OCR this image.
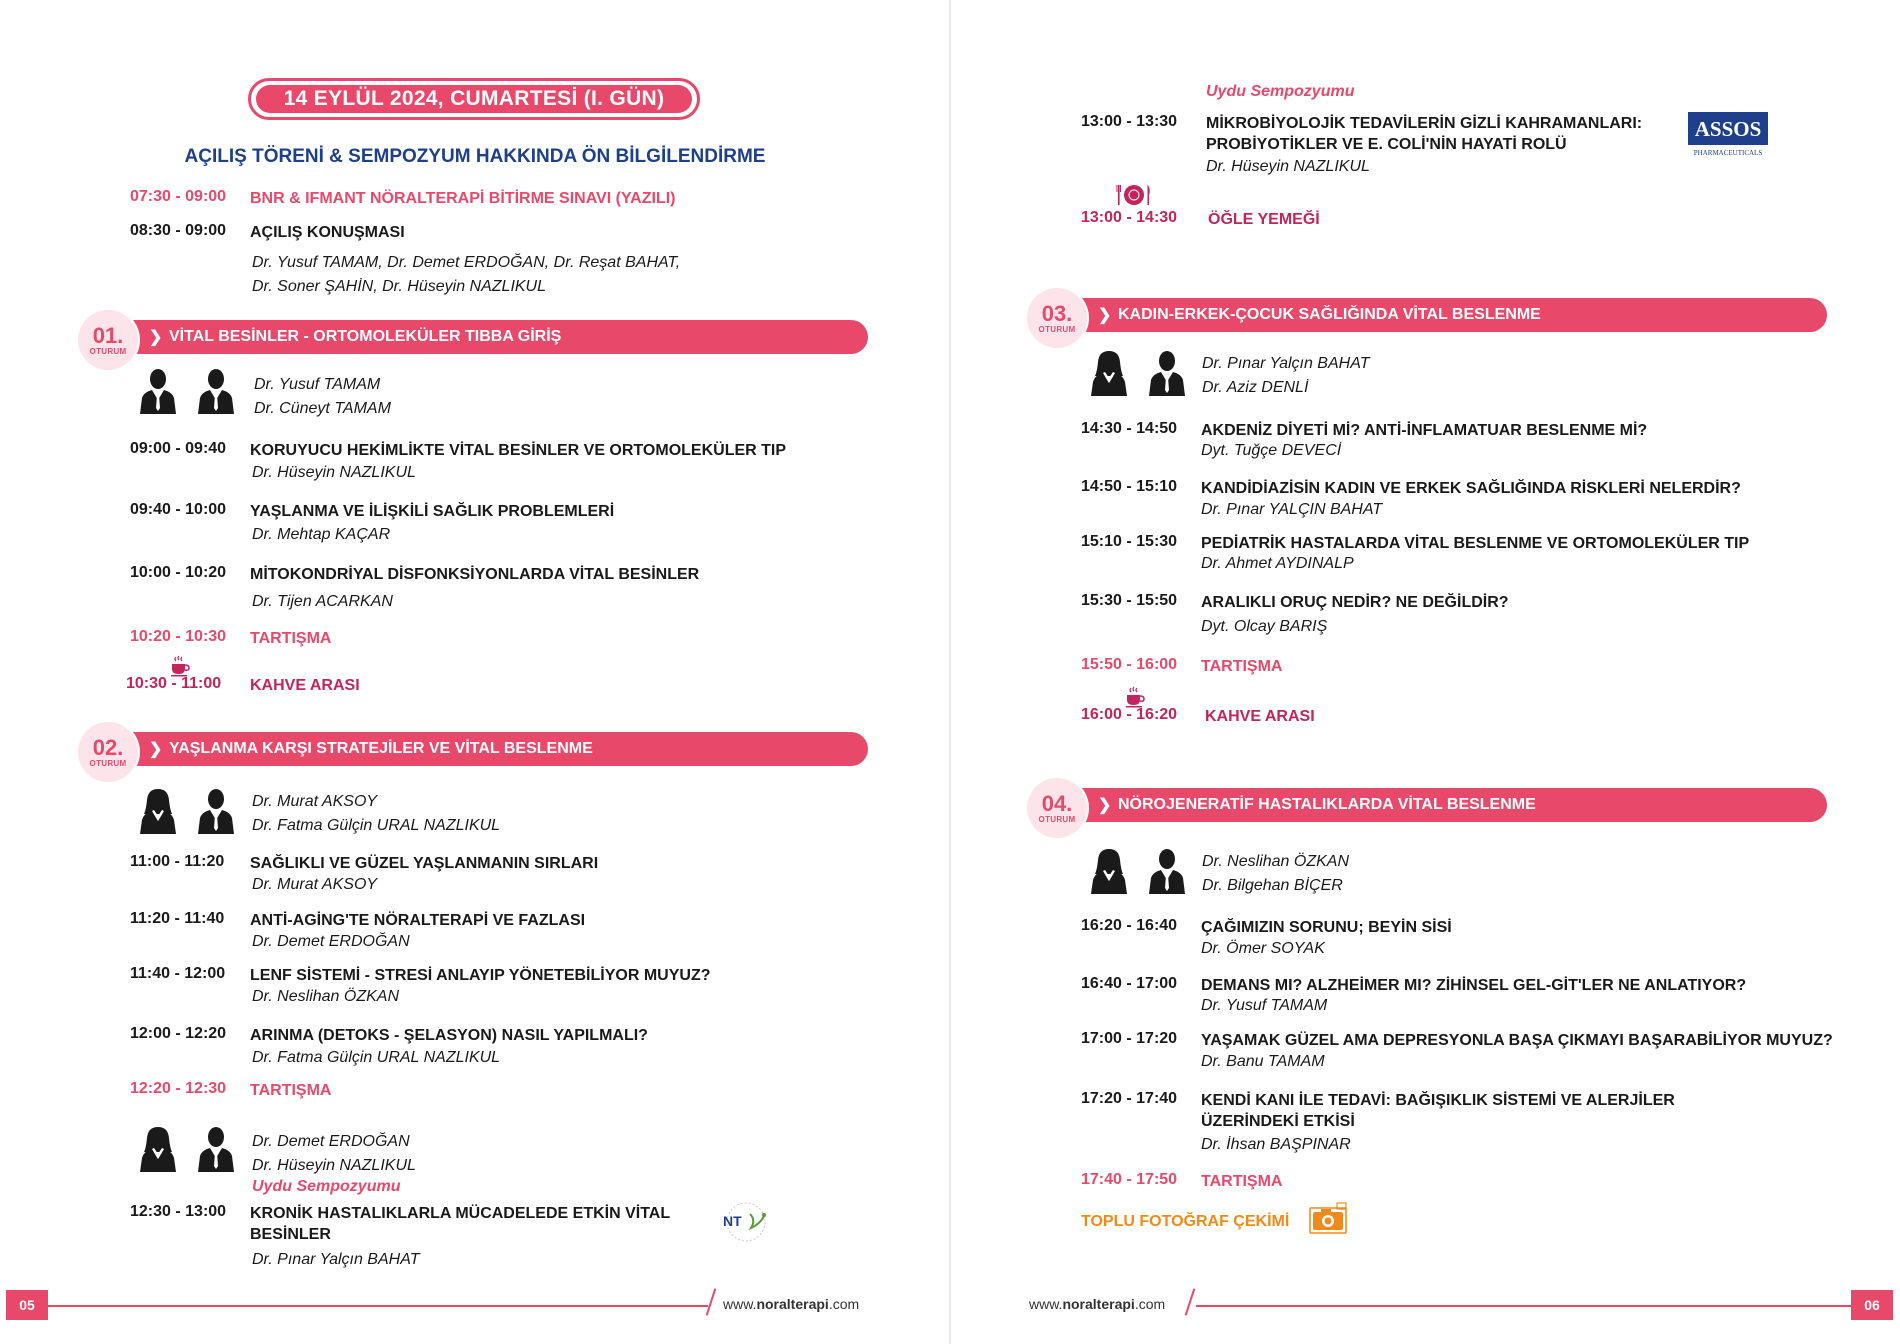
14 EYLÜL 2024, CUMARTESİ (I. GÜN)
AÇILIŞ TÖRENİ & SEMPOZYUM HAKKINDA ÖN BİLGİLENDİRME
07:30 - 09:00	BNR & IFMANT NÖRALTERAPİ BİTİRME SINAVI (YAZILI)
08:30 - 09:00	AÇILIŞ KONUŞMASI
Dr. Yusuf TAMAM, Dr. Demet ERDOĞAN, Dr. Reşat BAHAT,
Dr. Soner ŞAHİN, Dr. Hüseyin NAZLIKUL
❯ VİTAL BESİNLER - ORTOMOLEKÜLER TIBBA GİRİŞ
01.
OTURUM
Dr. Yusuf TAMAM
Dr. Cüneyt TAMAM
09:00 - 09:40	KORUYUCU HEKİMLİKTE VİTAL BESİNLER VE ORTOMOLEKÜLER TIP
Dr. Hüseyin NAZLIKUL
09:40 - 10:00	YAŞLANMA VE İLİŞKİLİ SAĞLIK PROBLEMLERİ
Dr. Mehtap KAÇAR
10:00 - 10:20	MİTOKONDRİYAL DİSFONKSİYONLARDA VİTAL BESİNLER
Dr. Tijen ACARKAN
10:20 - 10:30	TARTIŞMA
10:30 - 11:00	KAHVE ARASI
❯ YAŞLANMA KARŞI STRATEJİLER VE VİTAL BESLENME
02.
OTURUM
Dr. Murat AKSOY
Dr. Fatma Gülçin URAL NAZLIKUL
11:00 - 11:20	SAĞLIKLI VE GÜZEL YAŞLANMANIN SIRLARI
Dr. Murat AKSOY
11:20 - 11:40	ANTİ-AGİNG'TE NÖRALTERAPİ VE FAZLASI
Dr. Demet ERDOĞAN
11:40 - 12:00	LENF SİSTEMİ - STRESİ ANLAYIP YÖNETEBİLİYOR MUYUZ?
Dr. Neslihan ÖZKAN
12:00 - 12:20	ARINMA (DETOKS - ŞELASYON) NASIL YAPILMALI?
Dr. Fatma Gülçin URAL NAZLIKUL
12:20 - 12:30	TARTIŞMA
Dr. Demet ERDOĞAN
Dr. Hüseyin NAZLIKUL
Uydu Sempozyumu
12:30 - 13:00	KRONİK HASTALIKLARLA MÜCADELEDE ETKİN VİTAL
BESİNLER
Dr. Pınar Yalçın BAHAT
NT
05	www.noralterapi.com
Uydu Sempozyumu
13:00 - 13:30	MİKROBİYOLOJİK TEDAVİLERİN GİZLİ KAHRAMANLARI:
PROBİYOTİKLER VE E. COLİ'NİN HAYATİ ROLÜ
Dr. Hüseyin NAZLIKUL
ASSOS
PHARMACEUTICALS
13:00 - 14:30	ÖĞLE YEMEĞİ
❯ KADIN-ERKEK-ÇOCUK SAĞLIĞINDA VİTAL BESLENME
03.
OTURUM
Dr. Pınar Yalçın BAHAT
Dr. Aziz DENLİ
14:30 - 14:50	AKDENİZ DİYETİ Mİ? ANTİ-İNFLAMATUAR BESLENME Mİ?
Dyt. Tuğçe DEVECİ
14:50 - 15:10	KANDİDİAZİSİN KADIN VE ERKEK SAĞLIĞINDA RİSKLERİ NELERDİR?
Dr. Pınar YALÇIN BAHAT
15:10 - 15:30	PEDİATRİK HASTALARDA VİTAL BESLENME VE ORTOMOLEKÜLER TIP
Dr. Ahmet AYDINALP
15:30 - 15:50	ARALIKLI ORUÇ NEDİR? NE DEĞİLDİR?
Dyt. Olcay BARIŞ
15:50 - 16:00	TARTIŞMA
16:00 - 16:20	KAHVE ARASI
❯ NÖROJENERATİF HASTALIKLARDA VİTAL BESLENME
04.
OTURUM
Dr. Neslihan ÖZKAN
Dr. Bilgehan BİÇER
16:20 - 16:40	ÇAĞIMIZIN SORUNU; BEYİN SİSİ
Dr. Ömer SOYAK
16:40 - 17:00	DEMANS MI? ALZHEİMER MI? ZİHİNSEL GEL-GİT'LER NE ANLATIYOR?
Dr. Yusuf TAMAM
17:00 - 17:20	YAŞAMAK GÜZEL AMA DEPRESYONLA BAŞA ÇIKMAYI BAŞARABİLİYOR MUYUZ?
Dr. Banu TAMAM
17:20 - 17:40	KENDİ KANI İLE TEDAVİ: BAĞIŞIKLIK SİSTEMİ VE ALERJİLER
ÜZERİNDEKİ ETKİSİ
Dr. İhsan BAŞPINAR
17:40 - 17:50	TARTIŞMA
TOPLU FOTOĞRAF ÇEKİMİ
www.noralterapi.com	06
